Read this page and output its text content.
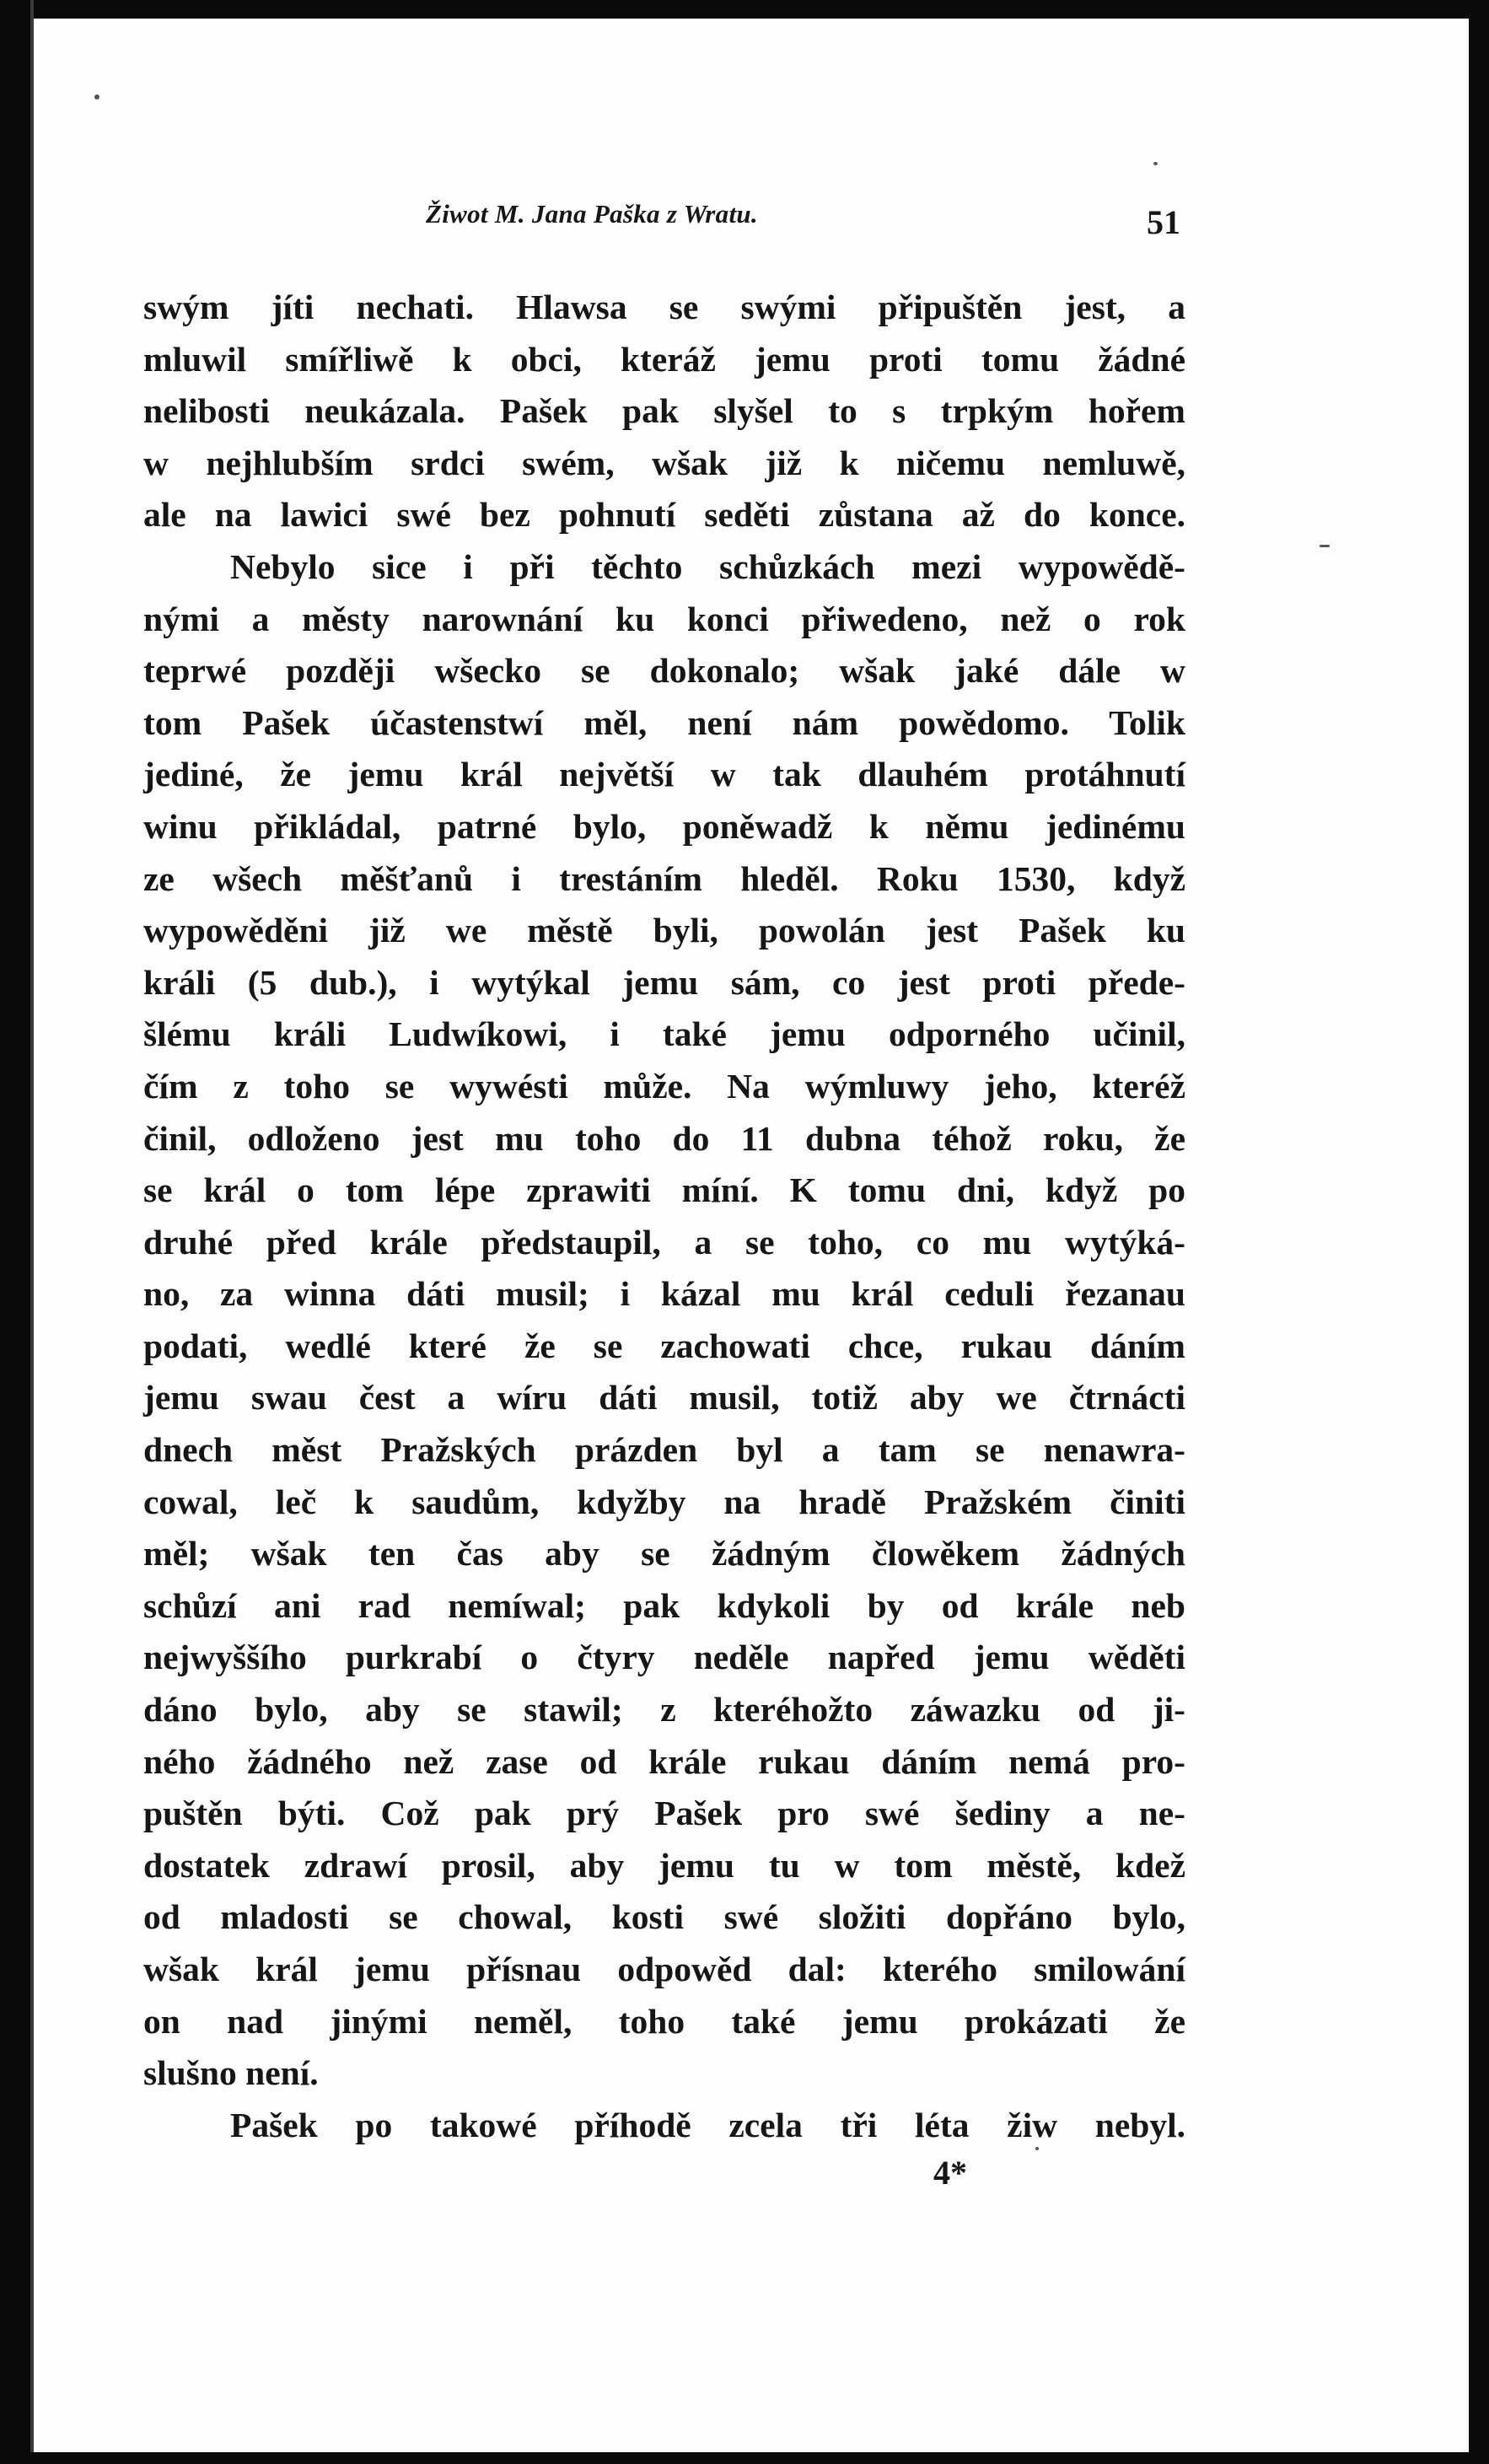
Žiwot M. Jana Paška z Wratu.	51
swým jíti nechati. Hlawsa se swými připuštěn jest, a
mluwil smířliwě k obci, kteráž jemu proti tomu žádné
nelibosti neukázala. Pašek pak slyšel to s trpkým hořem
w nejhlubším srdci swém, wšak již k ničemu nemluwě,
ale na lawici swé bez pohnutí seděti zůstana až do konce.
Nebylo sice i při těchto schůzkách mezi wypowědě-
nými a městy narownání ku konci přiwedeno, než o rok
teprwé později wšecko se dokonalo; wšak jaké dále w
tom Pašek účastenstwí měl, není nám powědomo. Tolik
jediné, že jemu král největší w tak dlauhém protáhnutí
winu přikládal, patrné bylo, poněwadž k němu jedinému
ze wšech měšťanů i trestáním hleděl. Roku 1530, když
wypowěděni již we městě byli, powolán jest Pašek ku
králi (5 dub.), i wytýkal jemu sám, co jest proti přede-
šlému králi Ludwíkowi, i také jemu odporného učinil,
čím z toho se wywésti může. Na wýmluwy jeho, kteréž
činil, odloženo jest mu toho do 11 dubna téhož roku, že
se král o tom lépe zprawiti míní. K tomu dni, když po
druhé před krále předstaupil, a se toho, co mu wytýká-
no, za winna dáti musil; i kázal mu král ceduli řezanau
podati, wedlé které že se zachowati chce, rukau dáním
jemu swau čest a wíru dáti musil, totiž aby we čtrnácti
dnech měst Pražských prázden byl a tam se nenawra-
cowal, leč k saudům, kdyžby na hradě Pražském činiti
měl; wšak ten čas aby se žádným člowěkem žádných
schůzí ani rad nemíwal; pak kdykoli by od krále neb
nejwyššího purkrabí o čtyry neděle napřed jemu wěděti
dáno bylo, aby se stawil; z kteréhožto záwazku od ji-
ného žádného než zase od krále rukau dáním nemá pro-
puštěn býti. Což pak prý Pašek pro swé šediny a ne-
dostatek zdrawí prosil, aby jemu tu w tom městě, kdež
od mladosti se chowal, kosti swé složiti dopřáno bylo,
wšak král jemu přísnau odpowěd dal: kterého smilowání
on nad jinými neměl, toho také jemu prokázati že
slušno není.
Pašek po takowé příhodě zcela tři léta žiw nebyl.
4*
